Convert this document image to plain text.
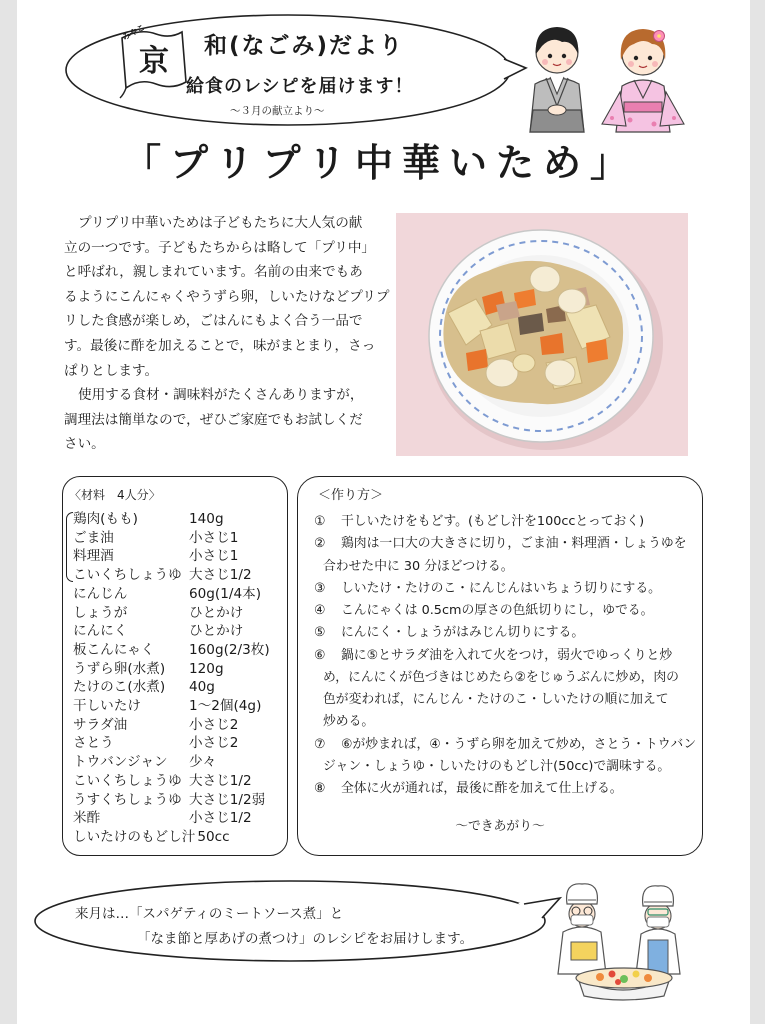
みやこ
京 和(なごみ)だより
給食のレシピを届けます！
～３月の献立より～
「プリプリ中華いため」
プリプリ中華いためは子どもたちに大人気の献
立の一つです。子どもたちからは略して「プリ中」
と呼ばれ，親しまれています。名前の由来でもあ
るようにこんにゃくやうずら卵，しいたけなどプリプ
リした食感が楽しめ，ごはんにもよく合う一品で
す。最後に酢を加えることで，味がまとまり，さっ
ぱりとします。
使用する食材・調味料がたくさんありますが，
調理法は簡単なので，ぜひご家庭でもお試しくだ
さい。
〈材料　4人分〉
鶏肉(もも)	140g
ごま油	小さじ1
料理酒	小さじ1
こいくちしょうゆ 大さじ1/2
にんじん	60g(1/4本)
しょうが	ひとかけ
にんにく	ひとかけ
板こんにゃく	160g(2/3枚)
うずら卵(水煮)	120g
たけのこ(水煮)	40g
干しいたけ	1～2個(4g)
サラダ油	小さじ2
さとう	小さじ2
トウバンジャン	少々
こいくちしょうゆ 大さじ1/2
うすくちしょうゆ 大さじ1/2弱
米酢	小さじ1/2
しいたけのもどし汁 50cc
＜作り方＞
① 干しいたけをもどす。(もどし汁を100ccとっておく)
② 鶏肉は一口大の大きさに切り，ごま油・料理酒・しょうゆを
合わせた中に 30 分ほどつける。
③ しいたけ・たけのこ・にんじんはいちょう切りにする。
④ こんにゃくは 0.5cmの厚さの色紙切りにし，ゆでる。
⑤ にんにく・しょうがはみじん切りにする。
⑥ 鍋に⑤とサラダ油を入れて火をつけ，弱火でゆっくりと炒
め，にんにくが色づきはじめたら②をじゅうぶんに炒め，肉の
色が変われば，にんじん・たけのこ・しいたけの順に加えて
炒める。
⑦ ⑥が炒まれば，④・うずら卵を加えて炒め，さとう・トウバン
ジャン・しょうゆ・しいたけのもどし汁(50cc)で調味する。
⑧ 全体に火が通れば，最後に酢を加えて仕上げる。
～できあがり～
来月は…「スパゲティのミートソース煮」と
「なま節と厚あげの煮つけ」のレシピをお届けします。
